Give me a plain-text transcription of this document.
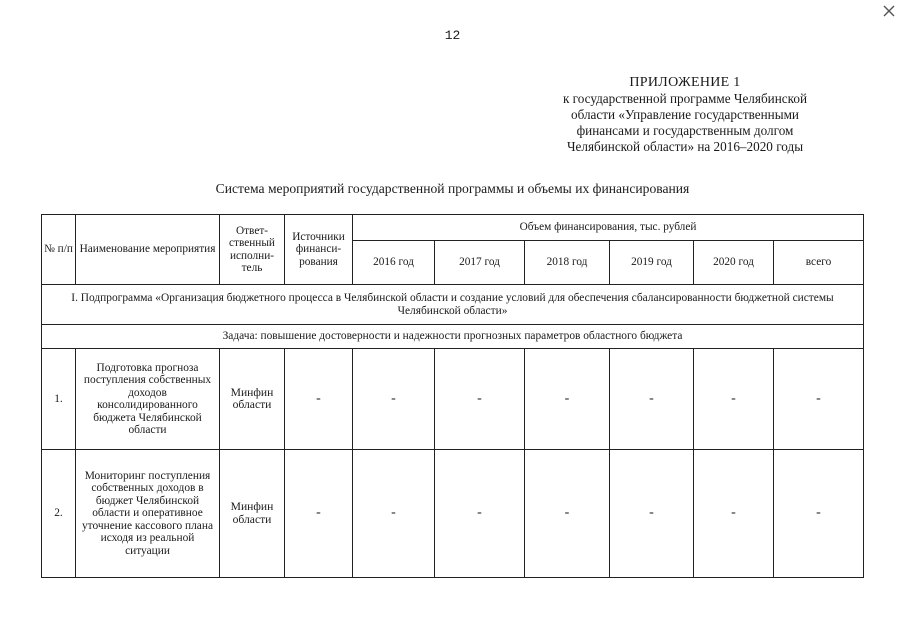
12
ПРИЛОЖЕНИЕ 1
к государственной программе Челябинской
области «Управление государственными
финансами и государственным долгом
Челябинской области» на 2016–2020 годы
Система мероприятий государственной программы и объемы их финансирования
№ п/п	Наименование мероприятия	Ответ-ственный исполни-тель	Источники финанси-рования	Объем финансирования, тыс. рублей					
				2016 год	2017 год	2018 год	2019 год	2020 год	всего
I. Подпрограмма «Организация бюджетного процесса в Челябинской области и создание условий для обеспечения сбалансированности бюджетной системы Челябинской области»									
Задача: повышение достоверности и надежности прогнозных параметров областного бюджета									
1.	Подготовка прогноза поступления собственных доходов консолидированного бюджета Челябинской области	Минфин области	-	-	-	-	-	-	-
2.	Мониторинг поступления собственных доходов в бюджет Челябинской области и оперативное уточнение кассового плана исходя из реальной ситуации	Минфин области	-	-	-	-	-	-	-
